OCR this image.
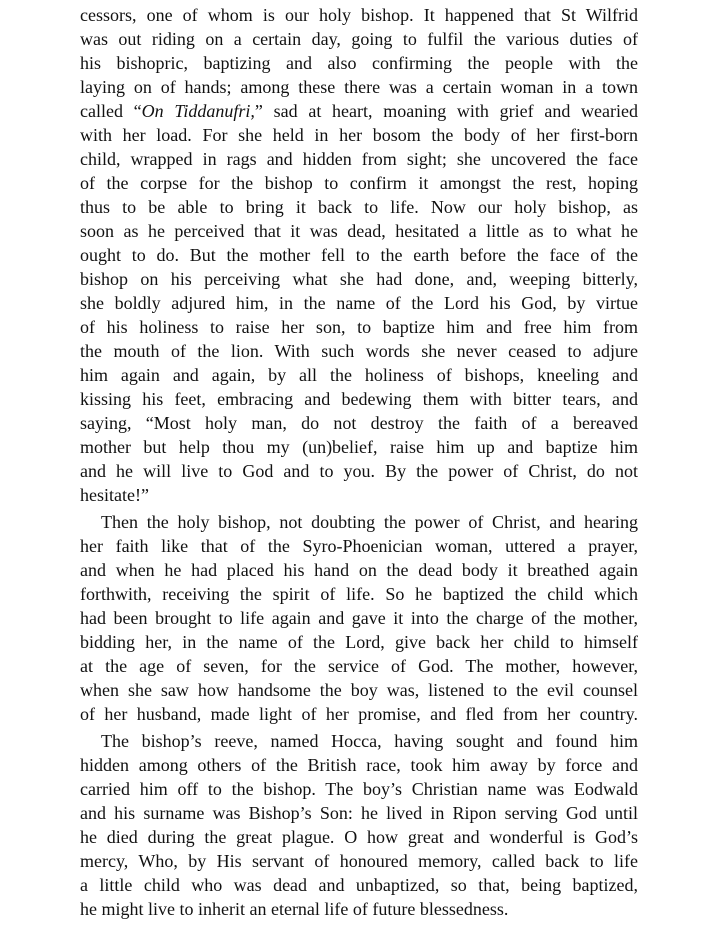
cessors, one of whom is our holy bishop. It happened that St Wilfrid
was out riding on a certain day, going to fulfil the various duties of
his bishopric, baptizing and also confirming the people with the
laying on of hands; among these there was a certain woman in a town
called “On Tiddanufri,” sad at heart, moaning with grief and wearied
with her load. For she held in her bosom the body of her first-born
child, wrapped in rags and hidden from sight; she uncovered the face
of the corpse for the bishop to confirm it amongst the rest, hoping
thus to be able to bring it back to life. Now our holy bishop, as
soon as he perceived that it was dead, hesitated a little as to what he
ought to do. But the mother fell to the earth before the face of the
bishop on his perceiving what she had done, and, weeping bitterly,
she boldly adjured him, in the name of the Lord his God, by virtue
of his holiness to raise her son, to baptize him and free him from
the mouth of the lion. With such words she never ceased to adjure
him again and again, by all the holiness of bishops, kneeling and
kissing his feet, embracing and bedewing them with bitter tears, and
saying, “Most holy man, do not destroy the faith of a bereaved
mother but help thou my (un)belief, raise him up and baptize him
and he will live to God and to you. By the power of Christ, do not
hesitate!”
Then the holy bishop, not doubting the power of Christ, and hearing
her faith like that of the Syro-Phoenician woman, uttered a prayer,
and when he had placed his hand on the dead body it breathed again
forthwith, receiving the spirit of life. So he baptized the child which
had been brought to life again and gave it into the charge of the mother,
bidding her, in the name of the Lord, give back her child to himself
at the age of seven, for the service of God. The mother, however,
when she saw how handsome the boy was, listened to the evil counsel
of her husband, made light of her promise, and fled from her country.
The bishop’s reeve, named Hocca, having sought and found him
hidden among others of the British race, took him away by force and
carried him off to the bishop. The boy’s Christian name was Eodwald
and his surname was Bishop’s Son: he lived in Ripon serving God until
he died during the great plague. O how great and wonderful is God’s
mercy, Who, by His servant of honoured memory, called back to life
a little child who was dead and unbaptized, so that, being baptized,
he might live to inherit an eternal life of future blessedness.
